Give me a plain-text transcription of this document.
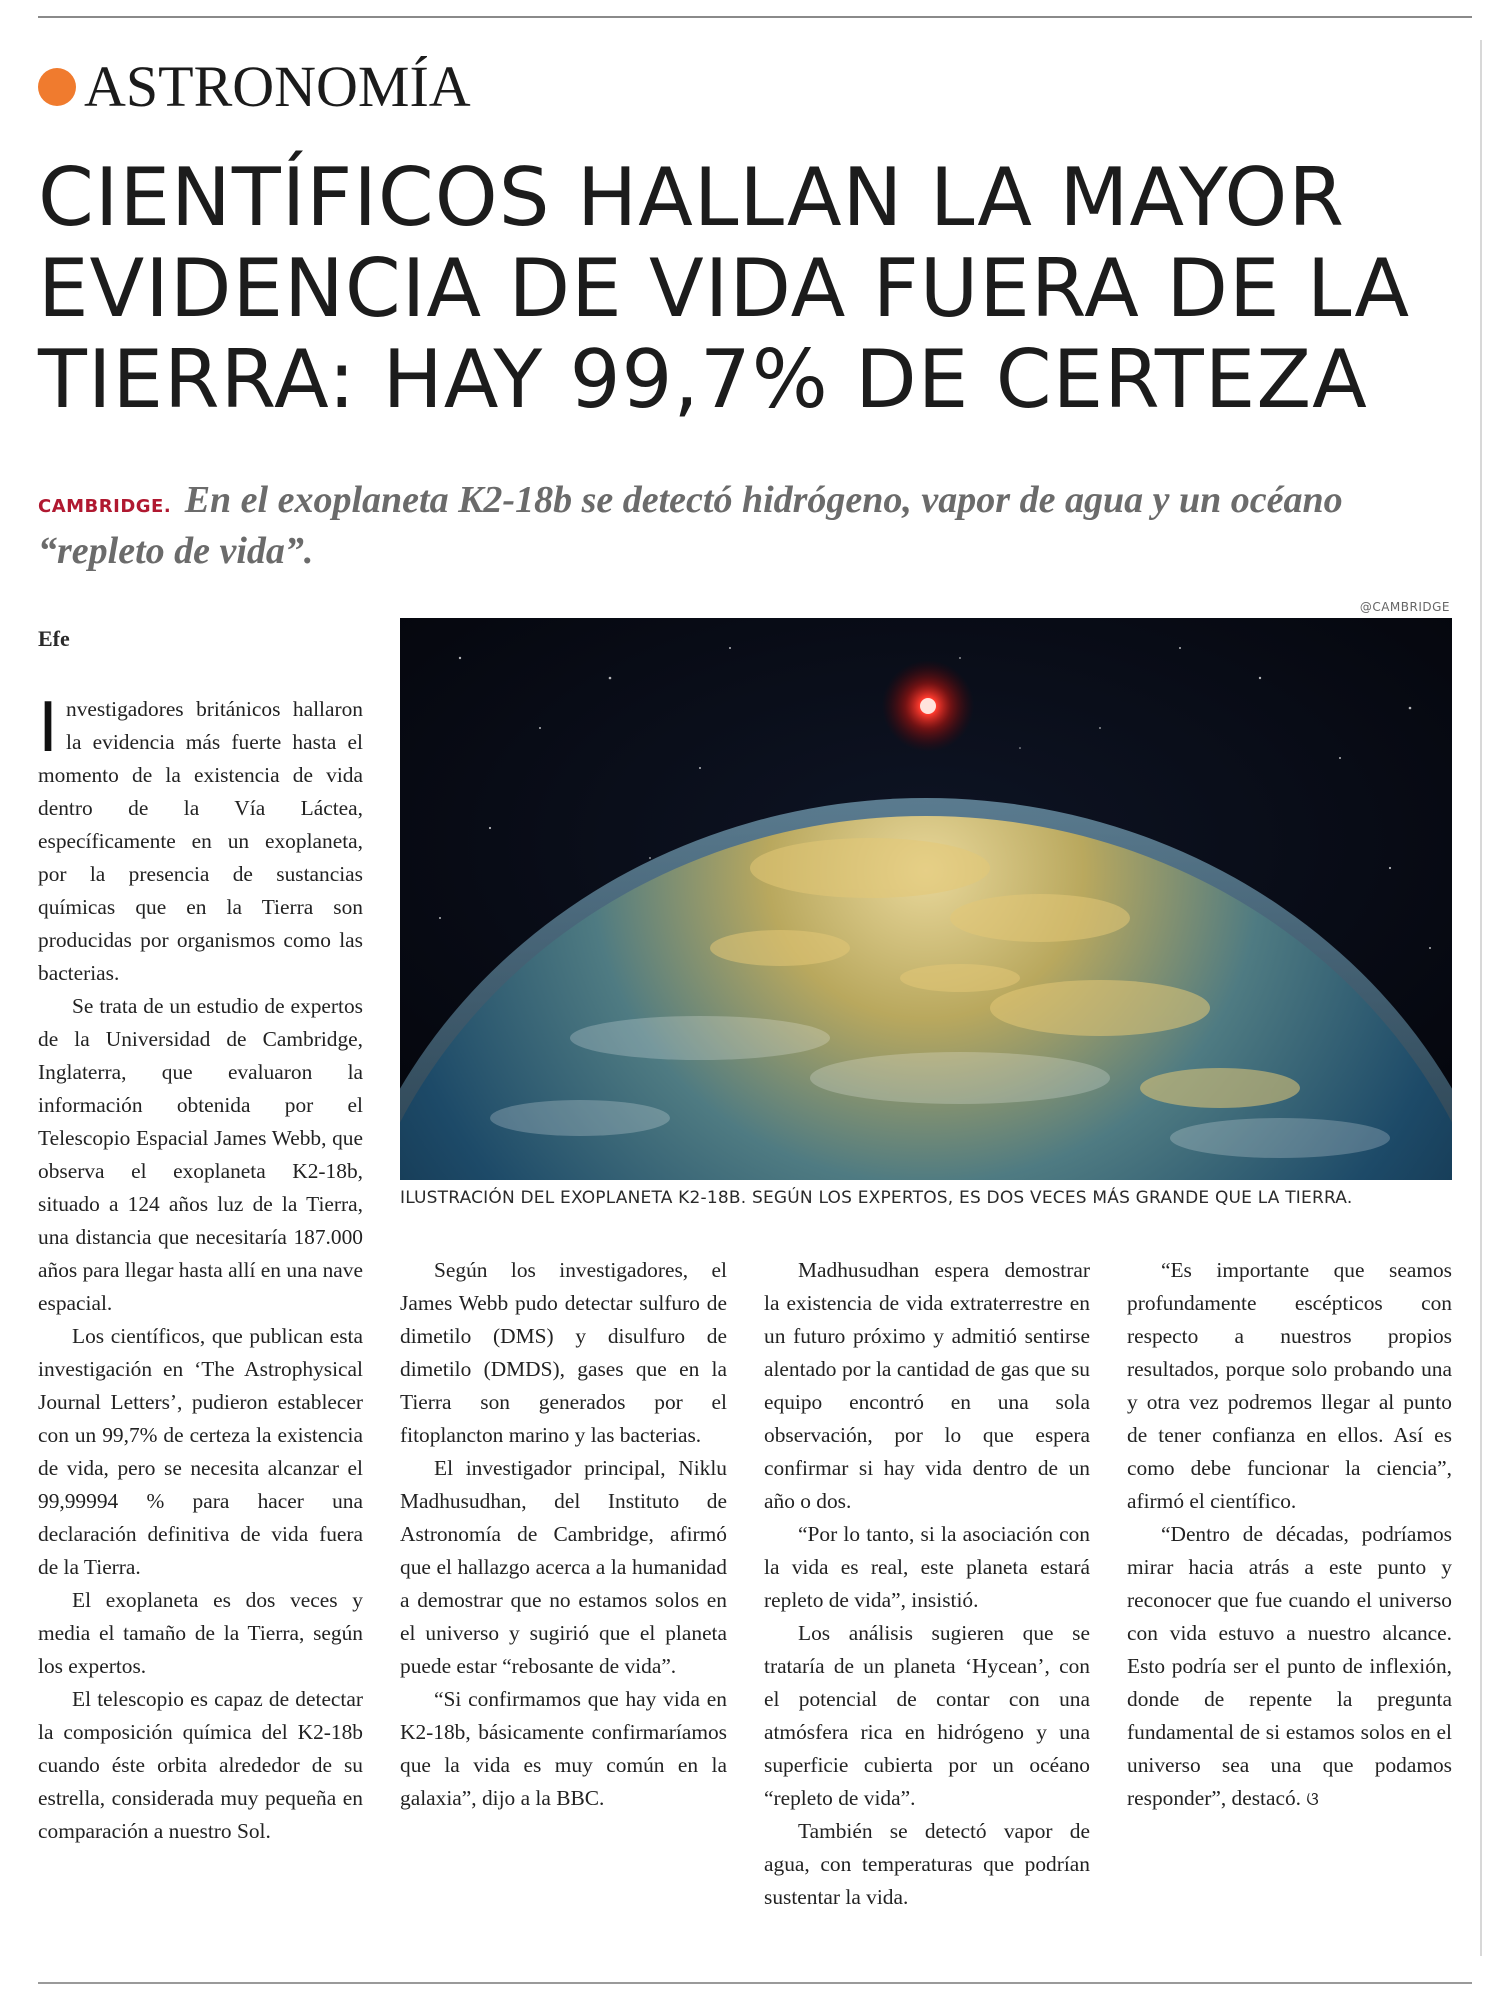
ASTRONOMÍA
CIENTÍFICOS HALLAN LA MAYOR
EVIDENCIA DE VIDA FUERA DE LA
TIERRA: HAY 99,7% DE CERTEZA
CAMBRIDGE. En el exoplaneta K2-18b se detectó hidrógeno, vapor de agua y un océano “repleto de vida”.
@CAMBRIDGE
Efe
ILUSTRACIÓN DEL EXOPLANETA K2-18B. SEGÚN LOS EXPERTOS, ES DOS VECES MÁS GRANDE QUE LA TIERRA.

Investigadores británicos hallaron la evidencia más fuerte hasta el momento de la existencia de vida dentro de la Vía Láctea, específicamente en un exoplaneta, por la presencia de sustancias químicas que en la Tierra son producidas por organismos como las bacterias.

Se trata de un estudio de expertos de la Universidad de Cambridge, Inglaterra, que evaluaron la información obtenida por el Telescopio Espacial James Webb, que observa el exoplaneta K2-18b, situado a 124 años luz de la Tierra, una distancia que necesitaría 187.000 años para llegar hasta allí en una nave espacial.

Los científicos, que publican esta investigación en ‘The Astrophysical Journal Letters’, pudieron establecer con un 99,7% de certeza la existencia de vida, pero se necesita alcanzar el 99,99994 % para hacer una declaración definitiva de vida fuera de la Tierra.

El exoplaneta es dos veces y media el tamaño de la Tierra, según los expertos.

El telescopio es capaz de detectar la composición química del K2-18b cuando éste orbita alrededor de su estrella, considerada muy pequeña en comparación a nuestro Sol.

Según los investigadores, el James Webb pudo detectar sulfuro de dimetilo (DMS) y disulfuro de dimetilo (DMDS), gases que en la Tierra son generados por el fitoplancton marino y las bacterias.

El investigador principal, Niklu Madhusudhan, del Instituto de Astronomía de Cambridge, afirmó que el hallazgo acerca a la humanidad a demostrar que no estamos solos en el universo y sugirió que el planeta puede estar “rebosante de vida”.

“Si confirmamos que hay vida en K2-18b, básicamente confirmaríamos que la vida es muy común en la galaxia”, dijo a la BBC.

Madhusudhan espera demostrar la existencia de vida extraterrestre en un futuro próximo y admitió sentirse alentado por la cantidad de gas que su equipo encontró en una sola observación, por lo que espera confirmar si hay vida dentro de un año o dos.

“Por lo tanto, si la asociación con la vida es real, este planeta estará repleto de vida”, insistió.

Los análisis sugieren que se trataría de un planeta ‘Hycean’, con el potencial de contar con una atmósfera rica en hidrógeno y una superficie cubierta por un océano “repleto de vida”.

También se detectó vapor de agua, con temperaturas que podrían sustentar la vida.

“Es importante que seamos profundamente escépticos con respecto a nuestros propios resultados, porque solo probando una y otra vez podremos llegar al punto de tener confianza en ellos. Así es como debe funcionar la ciencia”, afirmó el científico.

“Dentro de décadas, podríamos mirar hacia atrás a este punto y reconocer que fue cuando el universo con vida estuvo a nuestro alcance. Esto podría ser el punto de inflexión, donde de repente la pregunta fundamental de si estamos solos en el universo sea una que podamos responder”, destacó. ଓ
